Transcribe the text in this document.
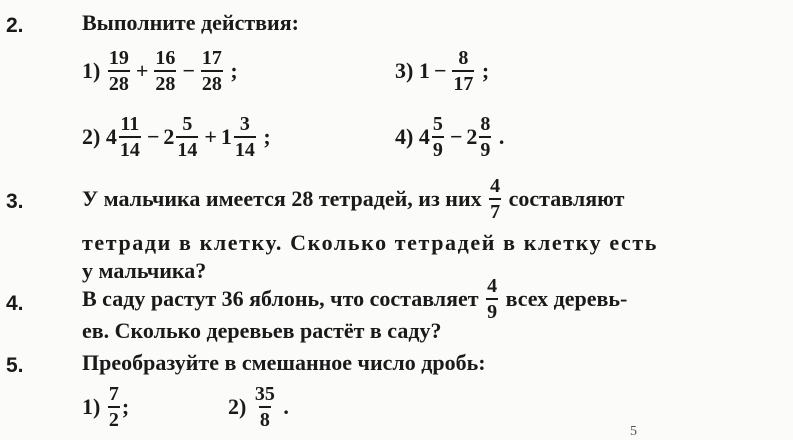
2.	Выполните действия:
1)
$\frac{19}{28} + \frac{16}{28} - \frac{17}{28}$
;	3)
$1 - \frac{8}{17}$
;
2)
$4 \frac{11}{14} - 2 \frac{5}{14} + 1 \frac{3}{14}$
;	4)
$4 \frac{5}{9} - 2 \frac{8}{9}$
.
3.	У мальчика имеется 28 тетрадей, из них
$\frac{4}{7}$
составляют
тетради в клетку. Сколько тетрадей в клетку есть
у мальчика?
4.	В саду растут 36 яблонь, что составляет
$\frac{4}{9}$
всех деревь-
ев. Сколько деревьев растёт в саду?
5.	Преобразуйте в смешанное число дробь:
1)
$\frac{7}{2}$ ;	2)
$\frac{35}{8}$
.
5
